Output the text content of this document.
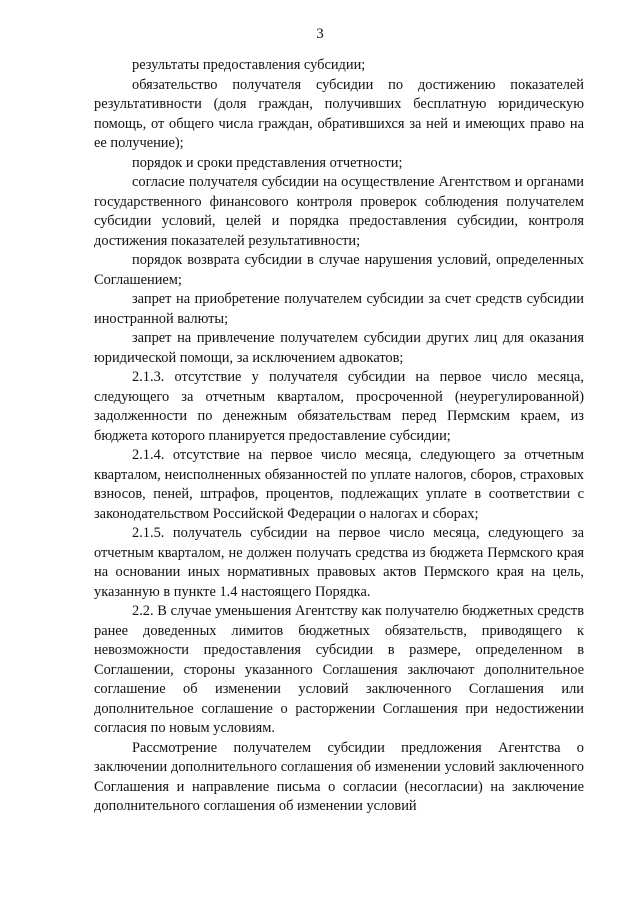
3

результаты предоставления субсидии;

обязательство получателя субсидии по достижению показателей результативности (доля граждан, получивших бесплатную юридическую помощь, от общего числа граждан, обратившихся за ней и имеющих право на ее получение);

порядок и сроки представления отчетности;

согласие получателя субсидии на осуществление Агентством и органами государственного финансового контроля проверок соблюдения получателем субсидии условий, целей и порядка предоставления субсидии, контроля достижения показателей результативности;

порядок возврата субсидии в случае нарушения условий, определенных Соглашением;

запрет на приобретение получателем субсидии за счет средств субсидии иностранной валюты;

запрет на привлечение получателем субсидии других лиц для оказания юридической помощи, за исключением адвокатов;

2.1.3. отсутствие у получателя субсидии на первое число месяца, следующего за отчетным кварталом, просроченной (неурегулированной) задолженности по денежным обязательствам перед Пермским краем, из бюджета которого планируется предоставление субсидии;

2.1.4. отсутствие на первое число месяца, следующего за отчетным кварталом, неисполненных обязанностей по уплате налогов, сборов, страховых взносов, пеней, штрафов, процентов, подлежащих уплате в соответствии с законодательством Российской Федерации о налогах и сборах;

2.1.5. получатель субсидии на первое число месяца, следующего за отчетным кварталом, не должен получать средства из бюджета Пермского края на основании иных нормативных правовых актов Пермского края на цель, указанную в пункте 1.4 настоящего Порядка.

2.2. В случае уменьшения Агентству как получателю бюджетных средств ранее доведенных лимитов бюджетных обязательств, приводящего к невозможности предоставления субсидии в размере, определенном в Соглашении, стороны указанного Соглашения заключают дополнительное соглашение об изменении условий заключенного Соглашения или дополнительное соглашение о расторжении Соглашения при недостижении согласия по новым условиям.

Рассмотрение получателем субсидии предложения Агентства о заключении дополнительного соглашения об изменении условий заключенного Соглашения и направление письма о согласии (несогласии) на заключение дополнительного соглашения об изменении условий
